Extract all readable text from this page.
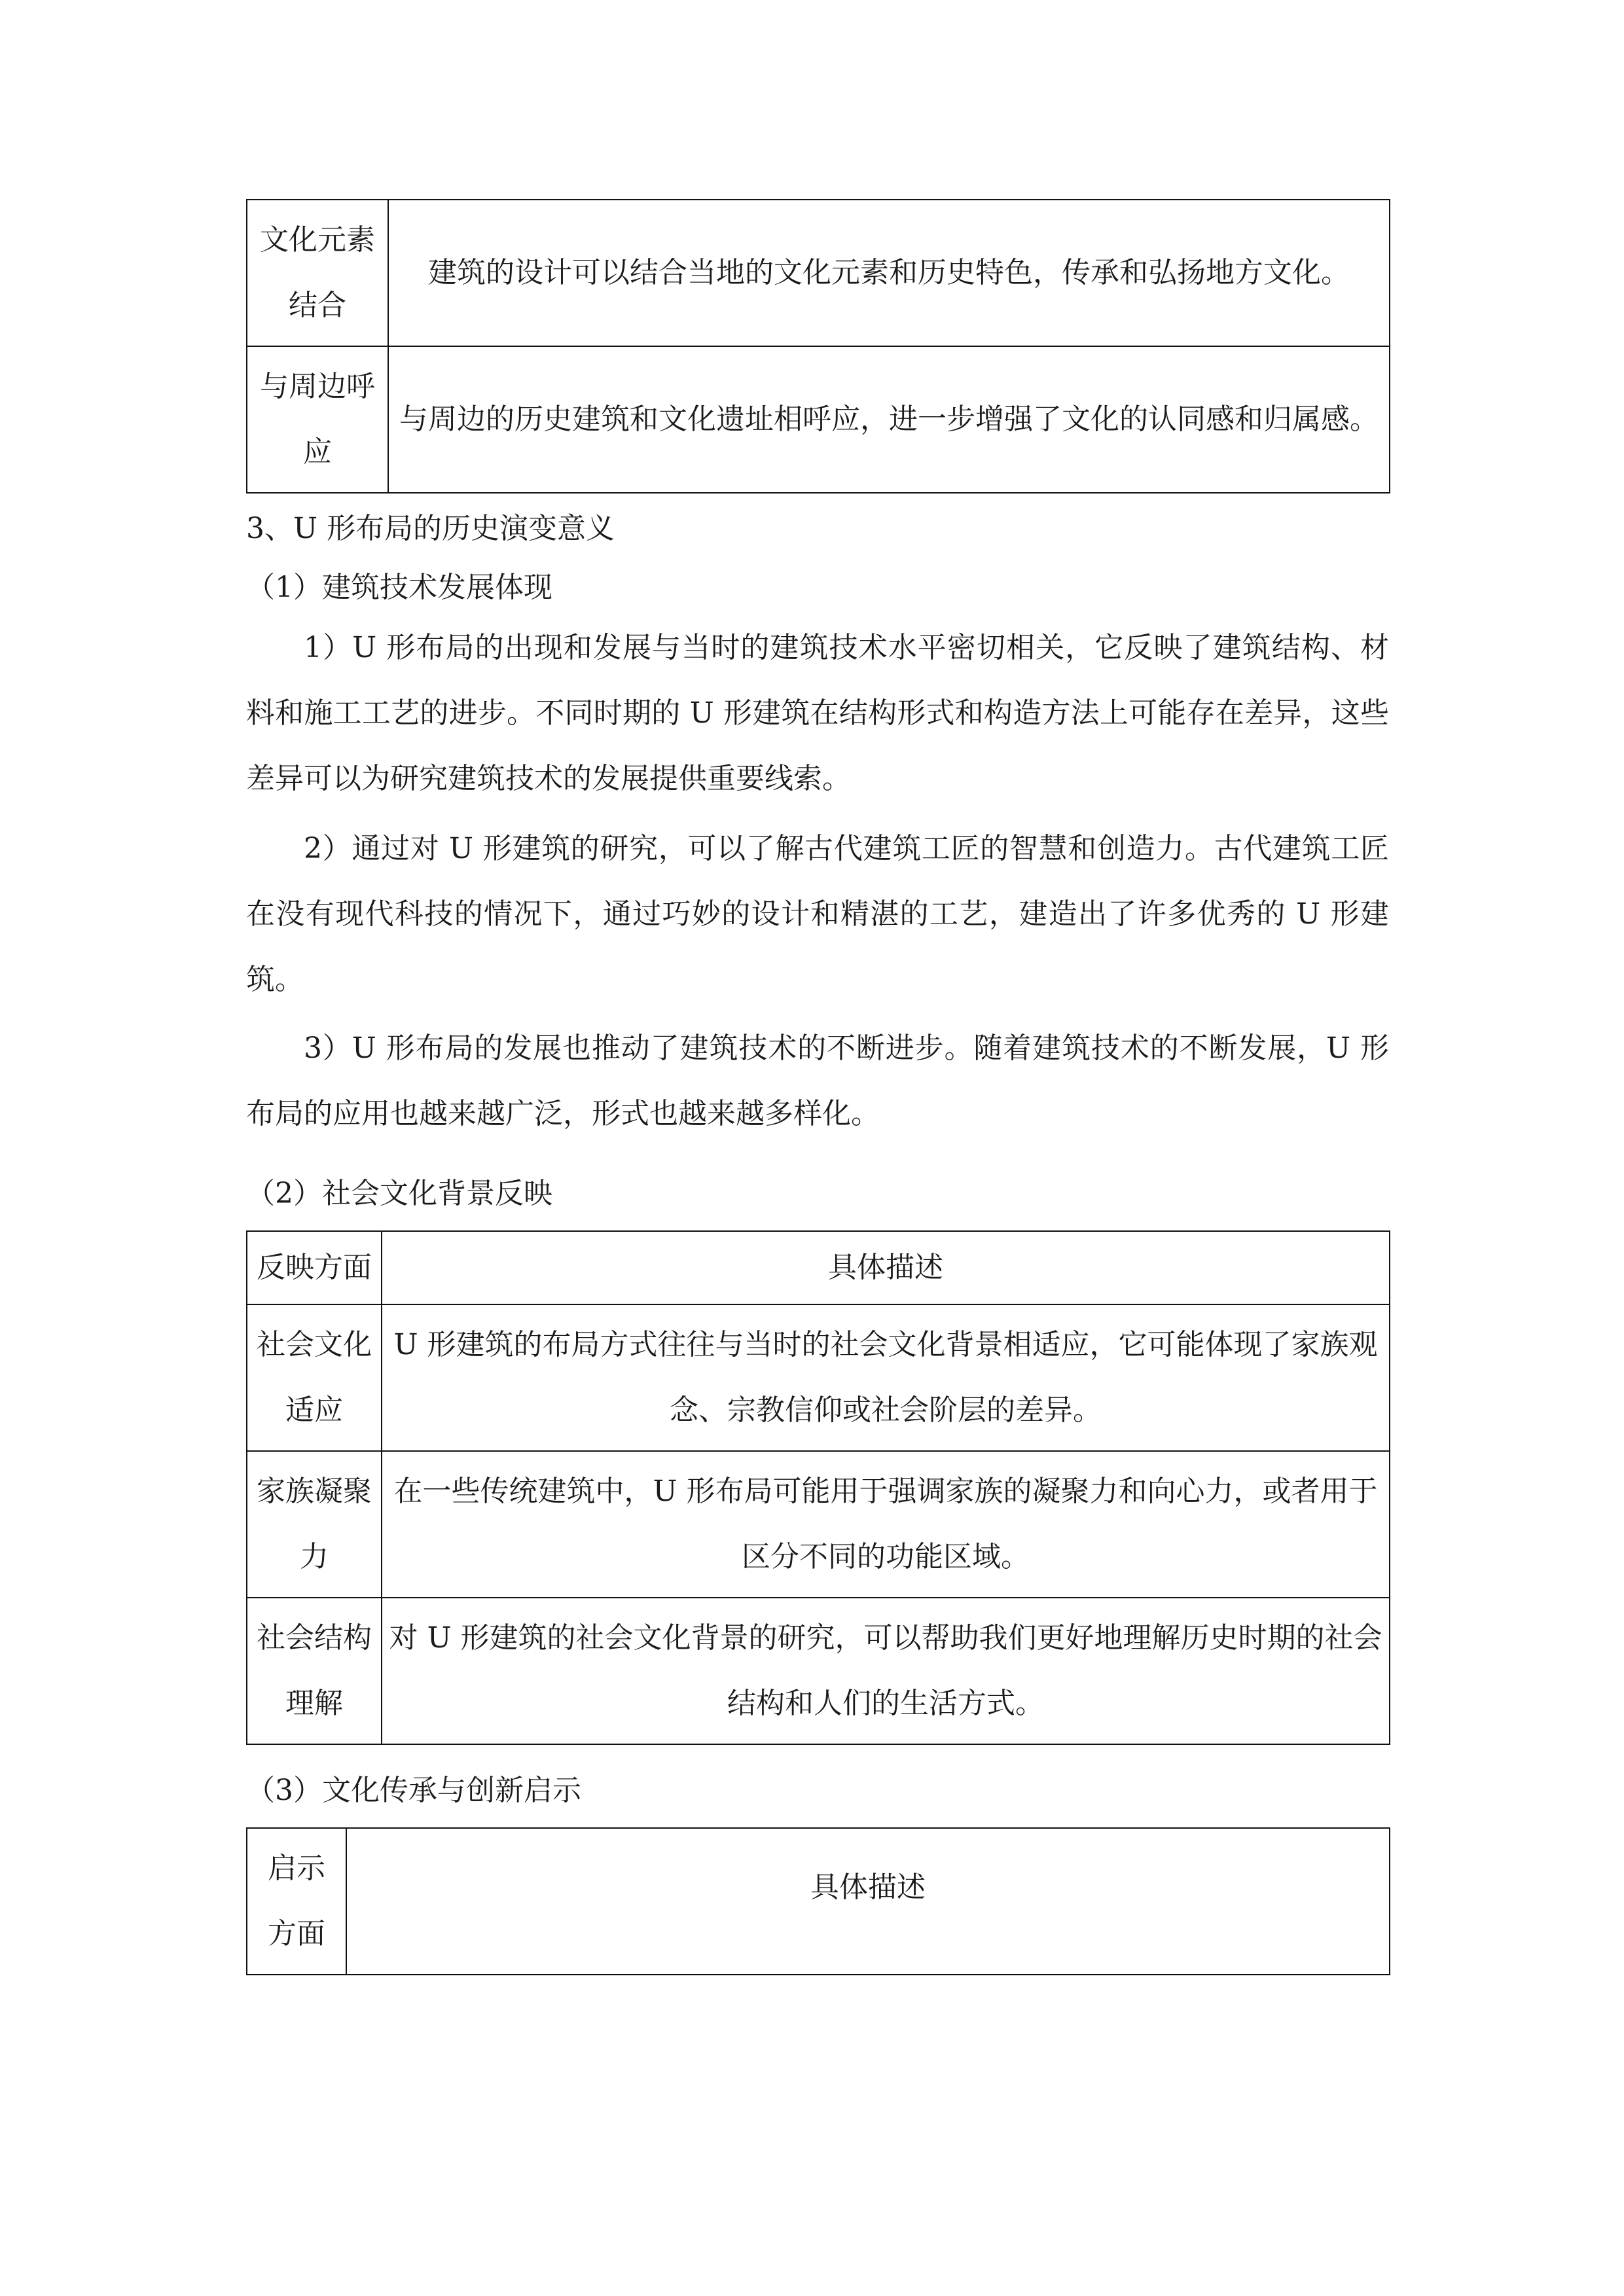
文化元素结合	建筑的设计可以结合当地的文化元素和历史特色，传承和弘扬地方文化。
与周边呼应	与周边的历史建筑和文化遗址相呼应，进一步增强了文化的认同感和归属感。
3、U 形布局的历史演变意义
（1）建筑技术发展体现

1）U 形布局的出现和发展与当时的建筑技术水平密切相关，它反映了建筑结构、材料和施工工艺的进步。不同时期的 U 形建筑在结构形式和构造方法上可能存在差异，这些差异可以为研究建筑技术的发展提供重要线索。

2）通过对 U 形建筑的研究，可以了解古代建筑工匠的智慧和创造力。古代建筑工匠在没有现代科技的情况下，通过巧妙的设计和精湛的工艺，建造出了许多优秀的 U 形建筑。

3）U 形布局的发展也推动了建筑技术的不断进步。随着建筑技术的不断发展，U 形布局的应用也越来越广泛，形式也越来越多样化。

（2）社会文化背景反映
反映方面	具体描述
社会文化适应	U 形建筑的布局方式往往与当时的社会文化背景相适应，它可能体现了家族观念、宗教信仰或社会阶层的差异。
家族凝聚力	在一些传统建筑中，U 形布局可能用于强调家族的凝聚力和向心力，或者用于区分不同的功能区域。
社会结构理解	对 U 形建筑的社会文化背景的研究，可以帮助我们更好地理解历史时期的社会结构和人们的生活方式。
（3）文化传承与创新启示
启示方面	具体描述
